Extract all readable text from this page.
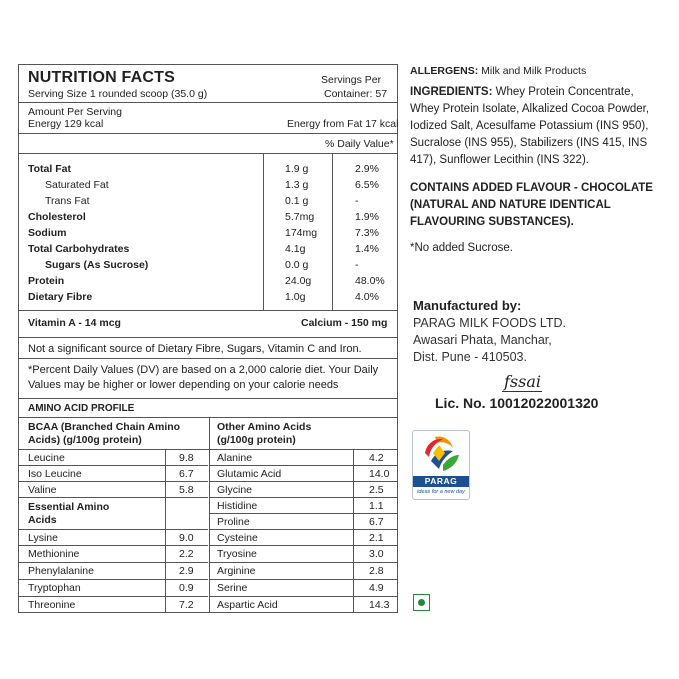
NUTRITION FACTS
Serving Size 1 rounded scoop (35.0 g)
Servings Per
Container: 57
Amount Per Serving
Energy 129 kcal	Energy from Fat 17 kcal
% Daily Value*
Total Fat	1.9 g	2.9%
Saturated Fat	1.3 g	6.5%
Trans Fat	0.1 g	-
Cholesterol	5.7mg	1.9%
Sodium	174mg	7.3%
Total Carbohydrates	4.1g	1.4%
Sugars (As Sucrose)	0.0 g	-
Protein	24.0g	48.0%
Dietary Fibre	1.0g	4.0%
Vitamin A - 14 mcg	Calcium - 150 mg
Not a significant source of Dietary Fibre, Sugars, Vitamin C and Iron.
*Percent Daily Values (DV) are based on a 2,000 calorie diet. Your Daily
Values may be higher or lower depending on your calorie needs
AMINO ACID PROFILE
BCAA (Branched Chain Amino
Acids) (g/100g protein)
Other Amino Acids
(g/100g protein)
Leucine	9.8
Iso Leucine	6.7
Valine	5.8
Essential Amino
Acids
Lysine	9.0
Methionine	2.2
Phenylalanine	2.9
Tryptophan	0.9
Threonine	7.2
Alanine	4.2
Glutamic Acid	14.0
Glycine	2.5
Histidine	1.1
Proline	6.7
Cysteine	2.1
Tryosine	3.0
Arginine	2.8
Serine	4.9
Aspartic Acid	14.3
ALLERGENS: Milk and Milk Products
INGREDIENTS: Whey Protein Concentrate,
Whey Protein Isolate, Alkalized Cocoa Powder,
Iodized Salt, Acesulfame Potassium (INS 950),
Sucralose (INS 955), Stabilizers (INS 415, INS
417), Sunflower Lecithin (INS 322).
CONTAINS ADDED FLAVOUR - CHOCOLATE
(NATURAL AND NATURE IDENTICAL
FLAVOURING SUBSTANCES).
*No added Sucrose.
Manufactured by:
PARAG MILK FOODS LTD.
Awasari Phata, Manchar,
Dist. Pune - 410503.
fssai
Lic. No. 10012022001320
PARAG
ideas for a new day
